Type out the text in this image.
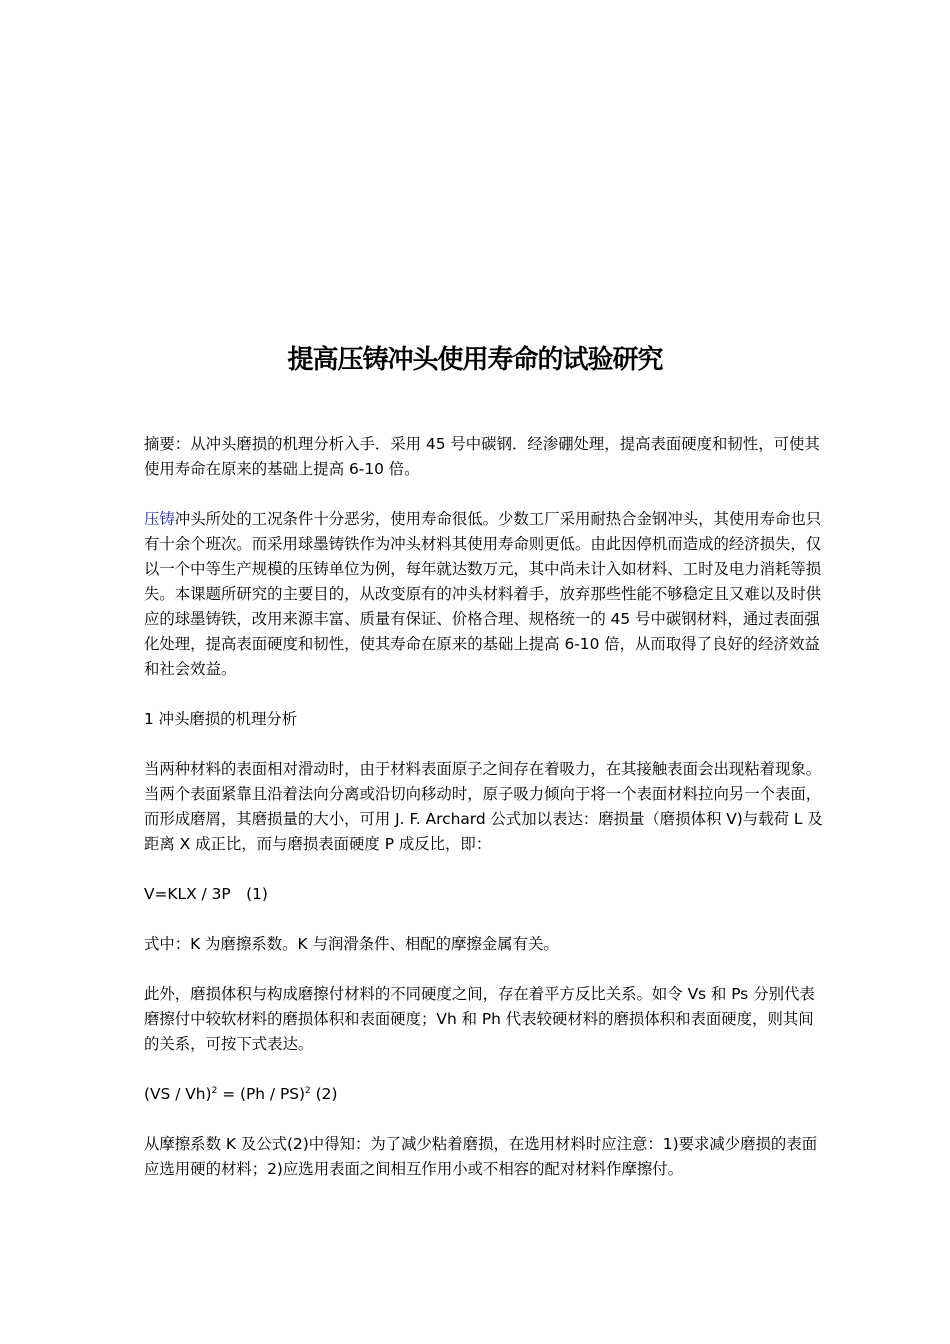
提高压铸冲头使用寿命的试验研究

摘要：从冲头磨损的机理分析入手．采用 45 号中碳钢．经渗硼处理，提高表面硬度和韧性，可使其使用寿命在原来的基础上提高 6-10 倍。

压铸冲头所处的工况条件十分恶劣，使用寿命很低。少数工厂采用耐热合金钢冲头，其使用寿命也只有十余个班次。而采用球墨铸铁作为冲头材料其使用寿命则更低。由此因停机而造成的经济损失，仅以一个中等生产规模的压铸单位为例，每年就达数万元，其中尚未计入如材料、工时及电力消耗等损失。本课题所研究的主要目的，从改变原有的冲头材料着手，放弃那些性能不够稳定且又难以及时供应的球墨铸铁，改用来源丰富、质量有保证、价格合理、规格统一的 45 号中碳钢材料，通过表面强化处理，提高表面硬度和韧性，使其寿命在原来的基础上提高 6-10 倍，从而取得了良好的经济效益和社会效益。

1 冲头磨损的机理分析

当两种材料的表面相对滑动时，由于材料表面原子之间存在着吸力，在其接触表面会出现粘着现象。当两个表面紧靠且沿着法向分离或沿切向移动时，原子吸力倾向于将一个表面材料拉向另一个表面，而形成磨屑，其磨损量的大小，可用 J. F. Archard 公式加以表达：磨损量（磨损体积 V)与载荷 L 及距离 X 成正比，而与磨损表面硬度 P 成反比，即：

V=KLX / 3P　(1)

式中：K 为磨擦系数。K 与润滑条件、相配的摩擦金属有关。

此外，磨损体积与构成磨擦付材料的不同硬度之间，存在着平方反比关系。如令 Vs 和 Ps 分别代表磨擦付中较软材料的磨损体积和表面硬度；Vh 和 Ph 代表较硬材料的磨损体积和表面硬度，则其间的关系，可按下式表达。

(VS / Vh)$^2$ = (Ph / PS)$^2$ (2)

从摩擦系数 K 及公式(2)中得知：为了减少粘着磨损，在选用材料时应注意：1)要求减少磨损的表面应选用硬的材料；2)应选用表面之间相互作用小或不相容的配对材料作摩擦付。
